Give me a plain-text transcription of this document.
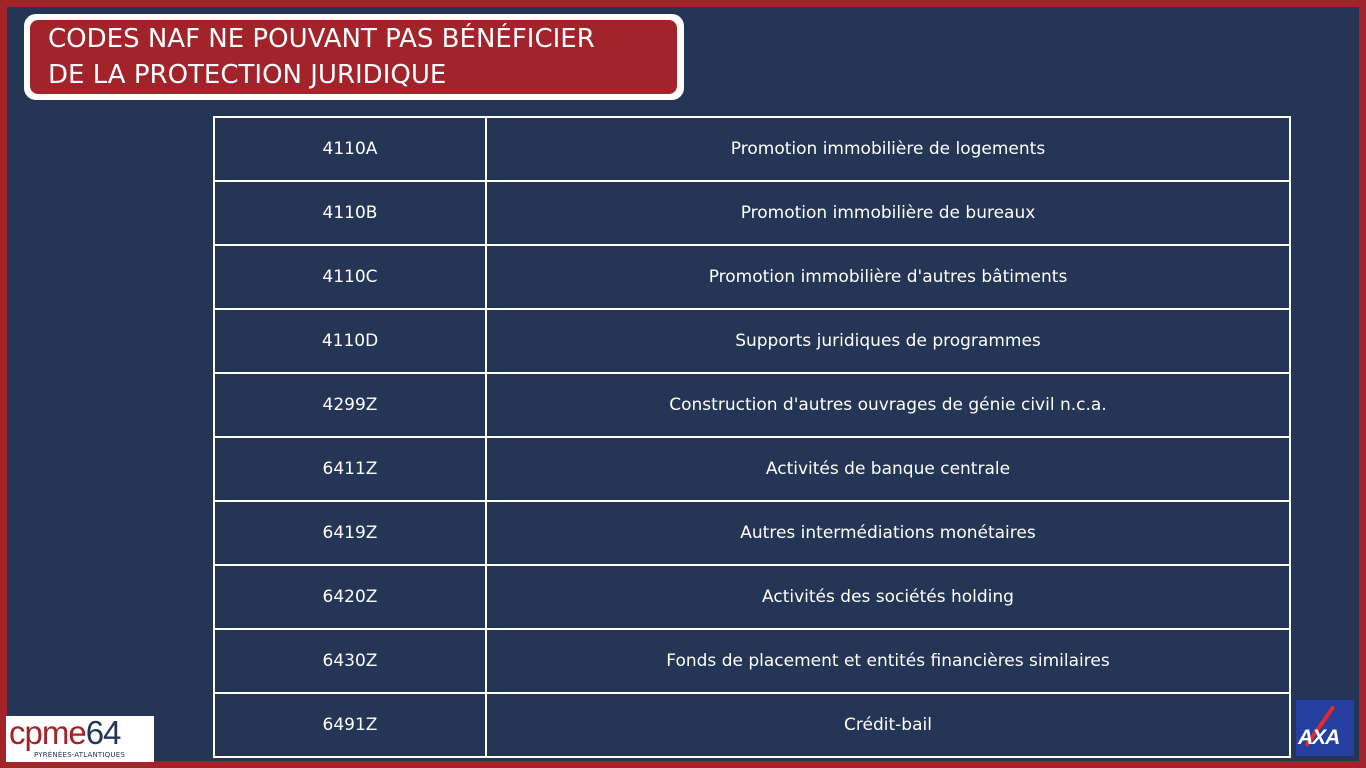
CODES NAF NE POUVANT PAS BÉNÉFICIER
DE LA PROTECTION JURIDIQUE
4110A	Promotion immobilière de logements
4110B	Promotion immobilière de bureaux
4110C	Promotion immobilière d'autres bâtiments
4110D	Supports juridiques de programmes
4299Z	Construction d'autres ouvrages de génie civil n.c.a.
6411Z	Activités de banque centrale
6419Z	Autres intermédiations monétaires
6420Z	Activités des sociétés holding
6430Z	Fonds de placement et entités financières similaires
6491Z	Crédit-bail
cpme64
PYRÉNÉES-ATLANTIQUES
AXA
